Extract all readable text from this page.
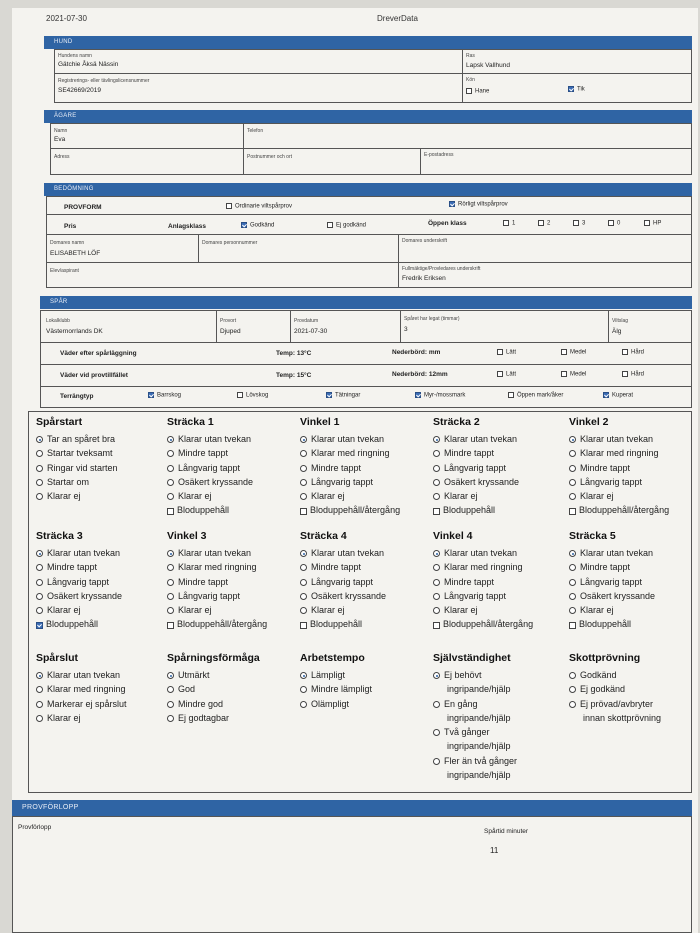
2021-07-30	DreverData
HUND
Hundens namn
Gätchie Åksä Nässin
Ras
Lapsk Vallhund
Registrerings- eller tävlingslicensnummer
SE42669/2019
Kön
Hane	Tik
ÄGARE
Namn
Eva
Telefon
Adress	Postnummer och ort	E-postadress
BEDÖMNING
PROVFORM	Ordinarie viltspårprov	Rörligt viltspårprov
Pris	Anlagsklass	Godkänd	Ej godkänd	Öppen klass	1	2	3	0	HP
Domares namn
ELISABETH LÖF
Domares personnummer	Domares underskrift
Elev/aspirant	Fullmäktige/Provledares underskrift
Fredrik Eriksen
SPÅR
Lokalklubb
Västernorrlands DK
Provort
Djuped
Provdatum
2021-07-30
Spåret har legat (timmar)
3
Viltslag
Älg
Väder efter spårläggning	Temp: 13°C	Nederbörd: mm	Lätt	Medel	Hård
Väder vid provtillfället	Temp: 15°C	Nederbörd: 12mm	Lätt	Medel	Hård
Terrängtyp	Barrskog	Lövskog	Tätningar	Myr-/mossmark	Öppen mark/åker	Kuperat
Spårstart
Tar an spåret bra
Startar tveksamt
Ringar vid starten
Startar om
Klarar ej
Sträcka 1
Klarar utan tvekan
Mindre tappt
Långvarig tappt
Osäkert kryssande
Klarar ej
Bloduppehåll
Vinkel 1
Klarar utan tvekan
Klarar med ringning
Mindre tappt
Långvarig tappt
Klarar ej
Bloduppehåll/återgång
Sträcka 2
Klarar utan tvekan
Mindre tappt
Långvarig tappt
Osäkert kryssande
Klarar ej
Bloduppehåll
Vinkel 2
Klarar utan tvekan
Klarar med ringning
Mindre tappt
Långvarig tappt
Klarar ej
Bloduppehåll/återgång
Sträcka 3
Klarar utan tvekan
Mindre tappt
Långvarig tappt
Osäkert kryssande
Klarar ej
Bloduppehåll
Vinkel 3
Klarar utan tvekan
Klarar med ringning
Mindre tappt
Långvarig tappt
Klarar ej
Bloduppehåll/återgång
Sträcka 4
Klarar utan tvekan
Mindre tappt
Långvarig tappt
Osäkert kryssande
Klarar ej
Bloduppehåll
Vinkel 4
Klarar utan tvekan
Klarar med ringning
Mindre tappt
Långvarig tappt
Klarar ej
Bloduppehåll/återgång
Sträcka 5
Klarar utan tvekan
Mindre tappt
Långvarig tappt
Osäkert kryssande
Klarar ej
Bloduppehåll
Spårslut
Klarar utan tvekan
Klarar med ringning
Markerar ej spårslut
Klarar ej
Spårningsförmåga
Utmärkt
God
Mindre god
Ej godtagbar
Arbetstempo
Lämpligt
Mindre lämpligt
Olämpligt
Självständighet
Ej behövt
ingripande/hjälp
En gång
ingripande/hjälp
Två gånger
ingripande/hjälp
Fler än två gånger
ingripande/hjälp
Skottprövning
Godkänd
Ej godkänd
Ej prövad/avbryter
innan skottprövning
PROVFÖRLOPP
Provförlopp
Spårtid minuter
11
